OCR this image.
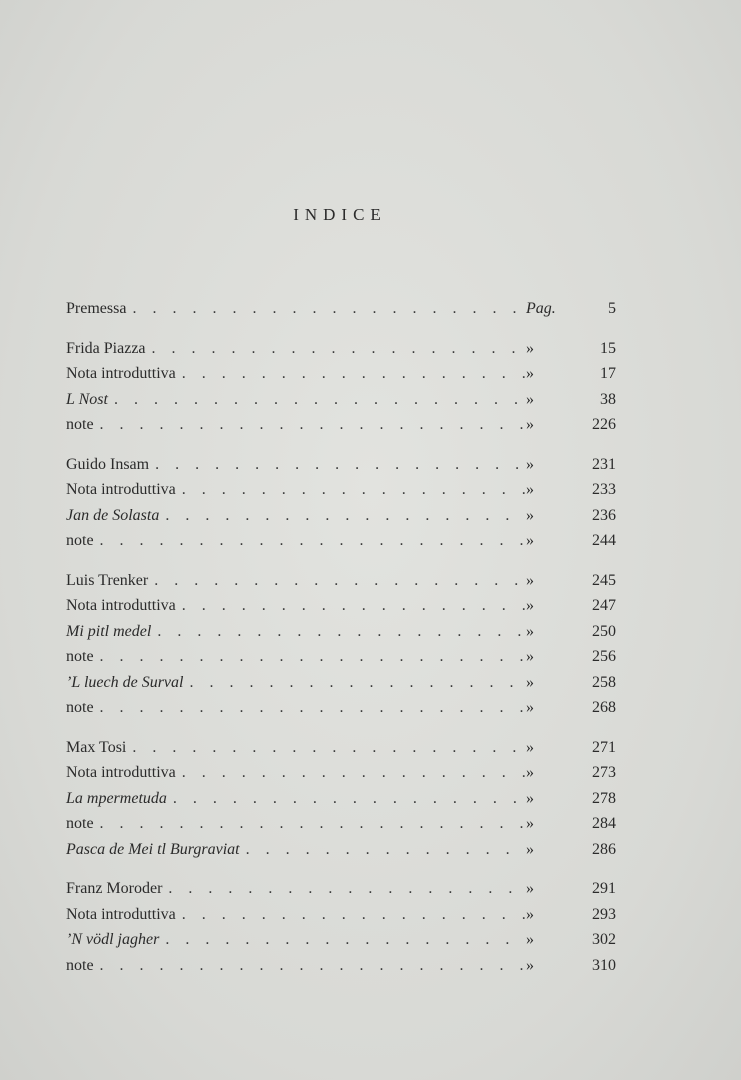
INDICE
Premessa . . .	Pag.	5
Frida Piazza . . .	»	15
Nota introduttiva . . .	»	17
L Nost . . .	»	38
note . . .	»	226
Guido Insam . . .	»	231
Nota introduttiva . . .	»	233
Jan de Solasta . . .	»	236
note . . .	»	244
Luis Trenker . . .	»	245
Nota introduttiva . . .	»	247
Mi pitl medel . . .	»	250
note . . .	»	256
’L luech de Surval . . .	»	258
note . . .	»	268
Max Tosi . . .	»	271
Nota introduttiva . . .	»	273
La mpermetuda . . .	»	278
note . . .	»	284
Pasca de Mei tl Burgraviat . . .	»	286
Franz Moroder . . .	»	291
Nota introduttiva . . .	»	293
’N vödl jagher . . .	»	302
note . . .	»	310
